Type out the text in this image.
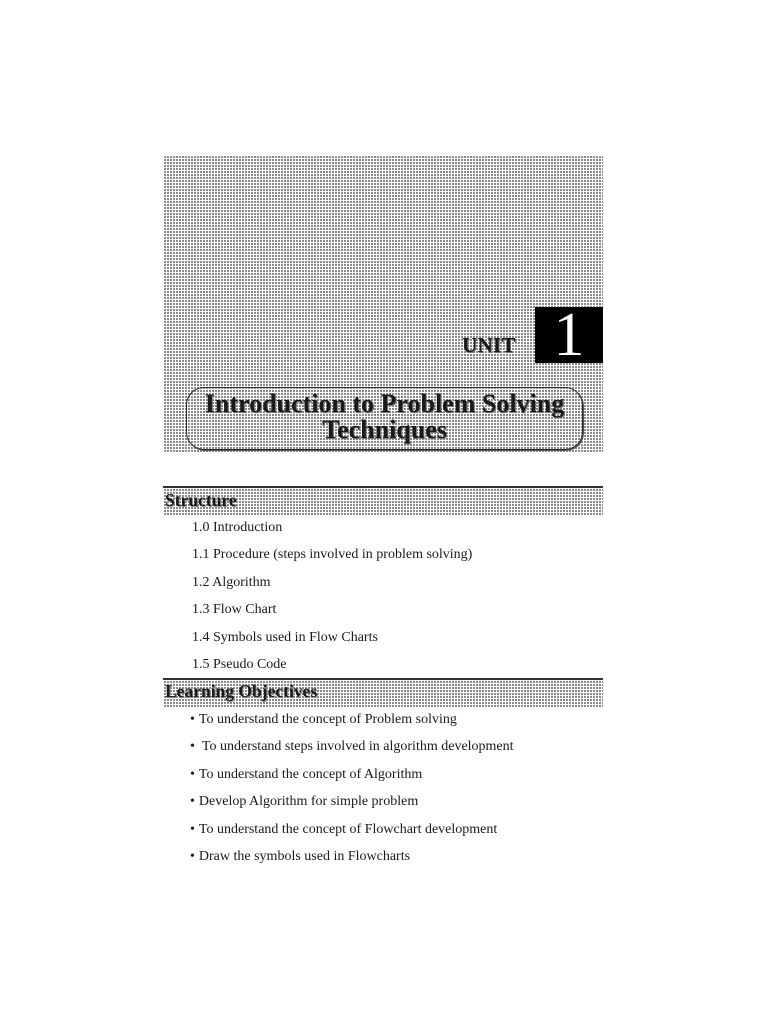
UNIT 1
Introduction to Problem Solving
Techniques
Structure
1.0 Introduction
1.1 Procedure (steps involved in problem solving)
1.2 Algorithm
1.3 Flow Chart
1.4 Symbols used in Flow Charts
1.5 Pseudo Code
Learning Objectives
• To understand the concept of Problem solving
• To understand steps involved in algorithm development
• To understand the concept of Algorithm
• Develop Algorithm for simple problem
• To understand the concept of Flowchart development
• Draw the symbols used in Flowcharts
